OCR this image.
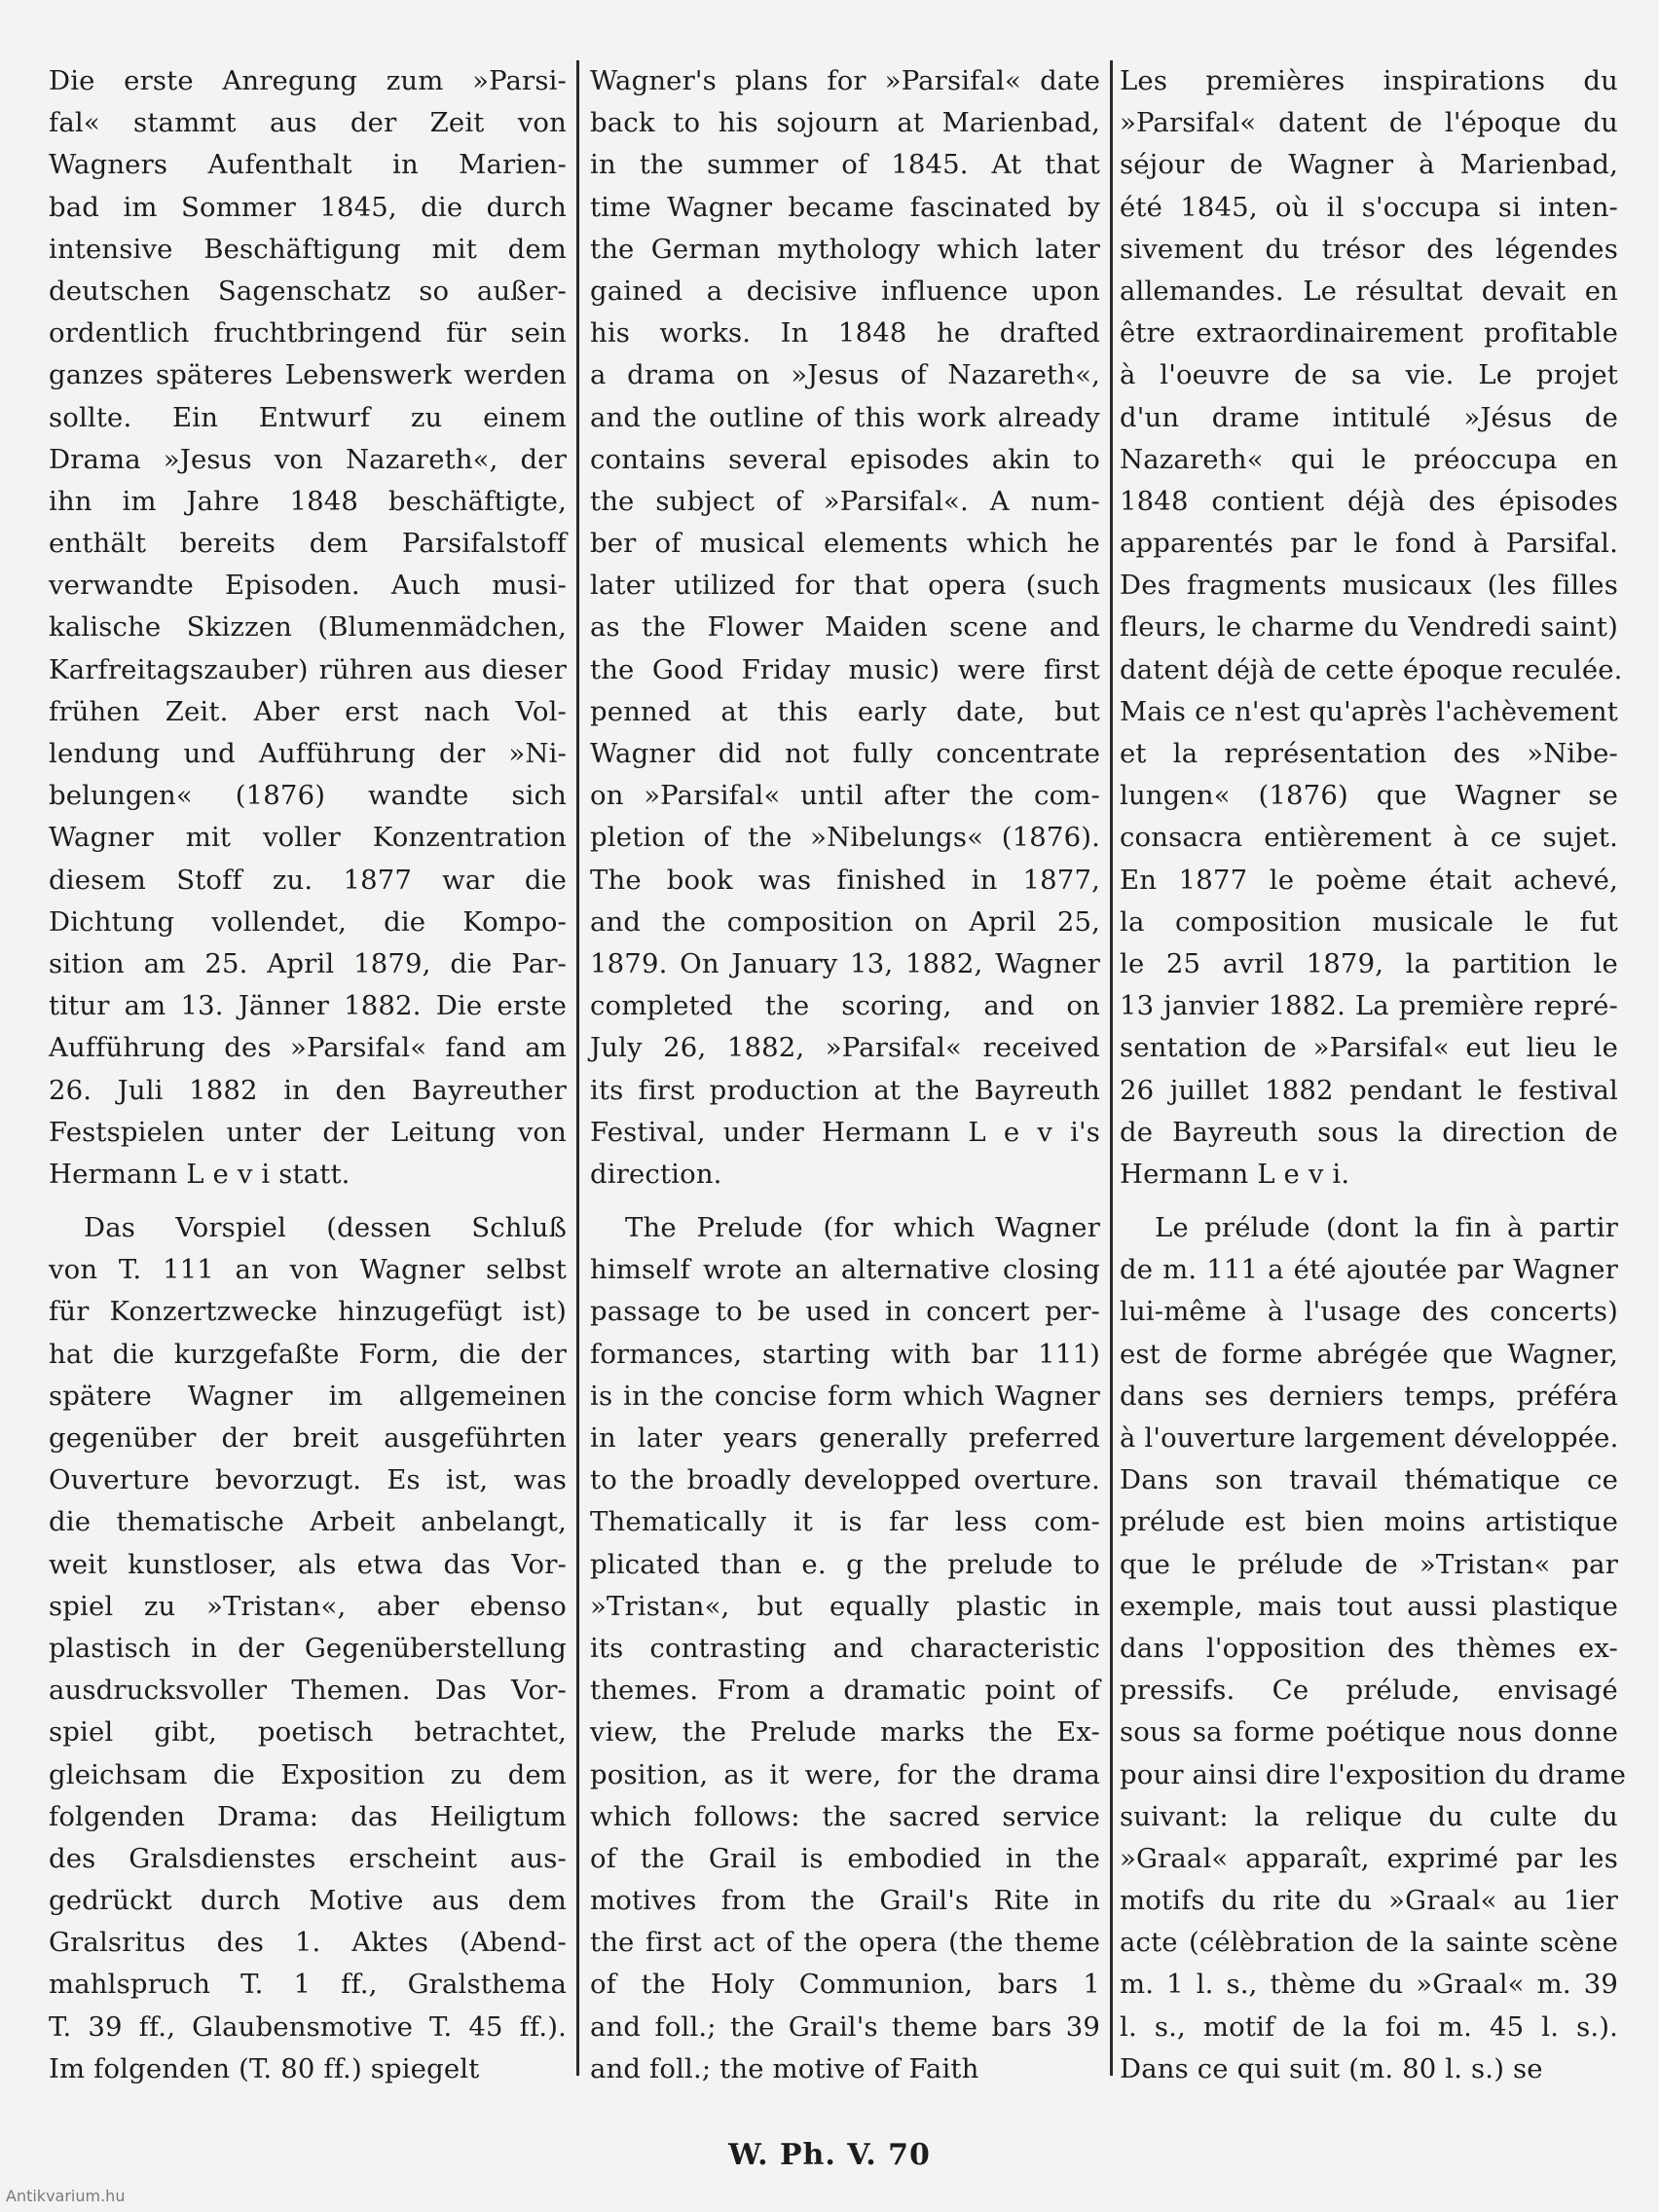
Die erste Anregung zum »Parsi-
fal« stammt aus der Zeit von
Wagners Aufenthalt in Marien-
bad im Sommer 1845, die durch
intensive Beschäftigung mit dem
deutschen Sagenschatz so außer-
ordentlich fruchtbringend für sein
ganzes späteres Lebenswerk werden
sollte. Ein Entwurf zu einem
Drama »Jesus von Nazareth«, der
ihn im Jahre 1848 beschäftigte,
enthält bereits dem Parsifalstoff
verwandte Episoden. Auch musi-
kalische Skizzen (Blumenmädchen,
Karfreitagszauber) rühren aus dieser
frühen Zeit. Aber erst nach Vol-
lendung und Aufführung der »Ni-
belungen« (1876) wandte sich
Wagner mit voller Konzentration
diesem Stoff zu. 1877 war die
Dichtung vollendet, die Kompo-
sition am 25. April 1879, die Par-
titur am 13. Jänner 1882. Die erste
Aufführung des »Parsifal« fand am
26. Juli 1882 in den Bayreuther
Festspielen unter der Leitung von
Hermann L e v i statt.
Das Vorspiel (dessen Schluß
von T. 111 an von Wagner selbst
für Konzertzwecke hinzugefügt ist)
hat die kurzgefaßte Form, die der
spätere Wagner im allgemeinen
gegenüber der breit ausgeführten
Ouverture bevorzugt. Es ist, was
die thematische Arbeit anbelangt,
weit kunstloser, als etwa das Vor-
spiel zu »Tristan«, aber ebenso
plastisch in der Gegenüberstellung
ausdrucksvoller Themen. Das Vor-
spiel gibt, poetisch betrachtet,
gleichsam die Exposition zu dem
folgenden Drama: das Heiligtum
des Gralsdienstes erscheint aus-
gedrückt durch Motive aus dem
Gralsritus des 1. Aktes (Abend-
mahlspruch T. 1 ff., Gralsthema
T. 39 ff., Glaubensmotive T. 45 ff.).
Im folgenden (T. 80 ff.) spiegelt
Wagner's plans for »Parsifal« date
back to his sojourn at Marienbad,
in the summer of 1845. At that
time Wagner became fascinated by
the German mythology which later
gained a decisive influence upon
his works. In 1848 he drafted
a drama on »Jesus of Nazareth«,
and the outline of this work already
contains several episodes akin to
the subject of »Parsifal«. A num-
ber of musical elements which he
later utilized for that opera (such
as the Flower Maiden scene and
the Good Friday music) were first
penned at this early date, but
Wagner did not fully concentrate
on »Parsifal« until after the com-
pletion of the »Nibelungs« (1876).
The book was finished in 1877,
and the composition on April 25,
1879. On January 13, 1882, Wagner
completed the scoring, and on
July 26, 1882, »Parsifal« received
its first production at the Bayreuth
Festival, under Hermann L e v i's
direction.
The Prelude (for which Wagner
himself wrote an alternative closing
passage to be used in concert per-
formances, starting with bar 111)
is in the concise form which Wagner
in later years generally preferred
to the broadly developped overture.
Thematically it is far less com-
plicated than e. g the prelude to
»Tristan«, but equally plastic in
its contrasting and characteristic
themes. From a dramatic point of
view, the Prelude marks the Ex-
position, as it were, for the drama
which follows: the sacred service
of the Grail is embodied in the
motives from the Grail's Rite in
the first act of the opera (the theme
of the Holy Communion, bars 1
and foll.; the Grail's theme bars 39
and foll.; the motive of Faith
Les premières inspirations du
»Parsifal« datent de l'époque du
séjour de Wagner à Marienbad,
été 1845, où il s'occupa si inten-
sivement du trésor des légendes
allemandes. Le résultat devait en
être extraordinairement profitable
à l'oeuvre de sa vie. Le projet
d'un drame intitulé »Jésus de
Nazareth« qui le préoccupa en
1848 contient déjà des épisodes
apparentés par le fond à Parsifal.
Des fragments musicaux (les filles
fleurs, le charme du Vendredi saint)
datent déjà de cette époque reculée.
Mais ce n'est qu'après l'achèvement
et la représentation des »Nibe-
lungen« (1876) que Wagner se
consacra entièrement à ce sujet.
En 1877 le poème était achevé,
la composition musicale le fut
le 25 avril 1879, la partition le
13 janvier 1882. La première repré-
sentation de »Parsifal« eut lieu le
26 juillet 1882 pendant le festival
de Bayreuth sous la direction de
Hermann L e v i.
Le prélude (dont la fin à partir
de m. 111 a été ajoutée par Wagner
lui-même à l'usage des concerts)
est de forme abrégée que Wagner,
dans ses derniers temps, préféra
à l'ouverture largement développée.
Dans son travail thématique ce
prélude est bien moins artistique
que le prélude de »Tristan« par
exemple, mais tout aussi plastique
dans l'opposition des thèmes ex-
pressifs. Ce prélude, envisagé
sous sa forme poétique nous donne
pour ainsi dire l'exposition du drame
suivant: la relique du culte du
»Graal« apparaît, exprimé par les
motifs du rite du »Graal« au 1ier
acte (célèbration de la sainte scène
m. 1 l. s., thème du »Graal« m. 39
l. s., motif de la foi m. 45 l. s.).
Dans ce qui suit (m. 80 l. s.) se
W. Ph. V. 70
Antikvarium.hu
